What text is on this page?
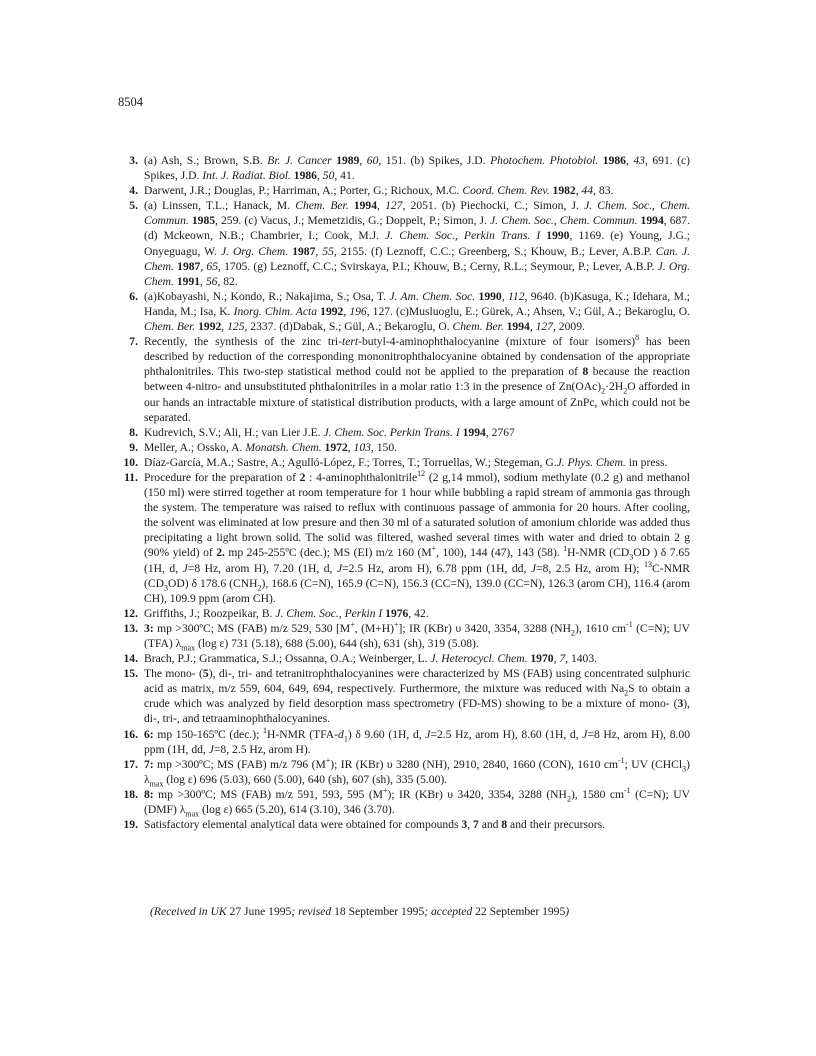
8504
3. (a) Ash, S.; Brown, S.B. Br. J. Cancer 1989, 60, 151. (b) Spikes, J.D. Photochem. Photobiol. 1986, 43, 691. (c) Spikes, J.D. Int. J. Radiat. Biol. 1986, 50, 41.
4. Darwent, J.R.; Douglas, P.; Harriman, A.; Porter, G.; Richoux, M.C. Coord. Chem. Rev. 1982, 44, 83.
5. (a) Linssen, T.L.; Hanack, M. Chem. Ber. 1994, 127, 2051. (b) Piechocki, C.; Simon, J. J. Chem. Soc., Chem. Commun. 1985, 259. (c) Vacus, J.; Memetzidis, G.; Doppelt, P.; Simon, J. J. Chem. Soc., Chem. Commun. 1994, 687. (d) Mckeown, N.B.; Chambrier, I.; Cook, M.J. J. Chem. Soc., Perkin Trans. I 1990, 1169. (e) Young, J.G.; Onyeguagu, W. J. Org. Chem. 1987, 55, 2155. (f) Leznoff, C.C.; Greenberg, S.; Khouw, B.; Lever, A.B.P. Can. J. Chem. 1987, 65, 1705. (g) Leznoff, C.C.; Svirskaya, P.I.; Khouw, B.; Cerny, R.L.; Seymour, P.; Lever, A.B.P. J. Org. Chem. 1991, 56, 82.
6. (a)Kobayashi, N.; Kondo, R.; Nakajima, S.; Osa, T. J. Am. Chem. Soc. 1990, 112, 9640. (b)Kasuga, K.; Idehara, M.; Handa, M.; Isa, K. Inorg. Chim. Acta 1992, 196, 127. (c)Musluoglu, E.; Gürek, A.; Ahsen, V.; Gül, A.; Bekaroglu, O. Chem. Ber. 1992, 125, 2337. (d)Dabak, S.; Gül, A.; Bekaroglu, O. Chem. Ber. 1994, 127, 2009.
7. Recently, the synthesis of the zinc tri-tert-butyl-4-aminophthalocyanine (mixture of four isomers)$^8$ has been described by reduction of the corresponding mononitrophthalocyanine obtained by condensation of the appropriate phthalonitriles. This two-step statistical method could not be applied to the preparation of 8 because the reaction between 4-nitro- and unsubstituted phthalonitriles in a molar ratio 1:3 in the presence of $Zn(OAc)_2\cdot 2H_2O$ afforded in our hands an intractable mixture of statistical distribution products, with a large amount of ZnPc, which could not be separated.
8. Kudrevich, S.V.; Ali, H.; van Lier J.E. J. Chem. Soc. Perkin Trans. I 1994, 2767
9. Meller, A.; Ossko, A. Monatsh. Chem. 1972, 103, 150.
10. Díaz-García, M.A.; Sastre, A.; Agulló-López, F.; Torres, T.; Torruellas, W.; Stegeman, G.J. Phys. Chem. in press.
11. Procedure for the preparation of 2 : 4-aminophthalonitrile$^{12}$ (2 g,14 mmol), sodium methylate (0.2 g) and methanol (150 ml) were stirred together at room temperature for 1 hour while bubbling a rapid stream of ammonia gas through the system. The temperature was raised to reflux with continuous passage of ammonia for 20 hours. After cooling, the solvent was eliminated at low presure and then 30 ml of a saturated solution of amonium chloride was added thus precipitating a light brown solid. The solid was filtered, washed several times with water and dried to obtain 2 g (90% yield) of 2. mp 245-255ºC (dec.); MS (EI) m/z 160 (M+, 100), 144 (47), 143 (58). $^1$H-NMR ($CD_3OD$ ) δ 7.65 (1H, d, J=8 Hz, arom H), 7.20 (1H, d, J=2.5 Hz, arom H), 6.78 ppm (1H, dd, J=8, 2.5 Hz, arom H); $^{13}$C-NMR $(CD_3OD)$ δ 178.6 $(CNH_2)$, 168.6 (C=N), 165.9 (C=N), 156.3 (CC=N), 139.0 (CC=N), 126.3 (arom CH), 116.4 (arom CH), 109.9 ppm (arom CH).
12. Griffiths, J.; Roozpeikar, B. J. Chem. Soc., Perkin I 1976, 42.
13. 3: mp >300ºC; MS (FAB) m/z 529, 530 [M+, (M+H)+]; IR (KBr) υ 3420, 3354, 3288 $(NH_2)$, 1610 $cm^{-1}$ (C=N); UV (TFA) $\lambda_{max}$ (log ε) 731 (5.18), 688 (5.00), 644 (sh), 631 (sh), 319 (5.08).
14. Brach, P.J.; Grammatica, S.J.; Ossanna, O.A.; Weinberger, L. J. Heterocycl. Chem. 1970, 7, 1403.
15. The mono- (5), di-, tri- and tetranitrophthalocyanines were characterized by MS (FAB) using concentrated sulphuric acid as matrix, m/z 559, 604, 649, 694, respectively. Furthermore, the mixture was reduced with $Na_2S$ to obtain a crude which was analyzed by field desorption mass spectrometry (FD-MS) showing to be a mixture of mono- (3), di-, tri-, and tetraaminophthalocyanines.
16. 6: mp 150-165ºC (dec.); $^1$H-NMR $(TFA-d_1)$ δ 9.60 (1H, d, J=2.5 Hz, arom H), 8.60 (1H, d, J=8 Hz, arom H), 8.00 ppm (1H, dd, J=8, 2.5 Hz, arom H).
17. 7: mp >300ºC; MS (FAB) m/z 796 (M+); IR (KBr) υ 3280 (NH), 2910, 2840, 1660 (CON), 1610 $cm^{-1}$; UV (CHCl$_3$) $\lambda_{max}$ (log ε) 696 (5.03), 660 (5.00), 640 (sh), 607 (sh), 335 (5.00).
18. 8: mp >300ºC; MS (FAB) m/z 591, 593, 595 (M+); IR (KBr) υ 3420, 3354, 3288 $(NH_2)$, 1580 $cm^{-1}$ (C=N); UV (DMF) $\lambda_{max}$ (log ε) 665 (5.20), 614 (3.10), 346 (3.70).
19. Satisfactory elemental analytical data were obtained for compounds 3, 7 and 8 and their precursors.
(Received in UK 27 June 1995; revised 18 September 1995; accepted 22 September 1995)
